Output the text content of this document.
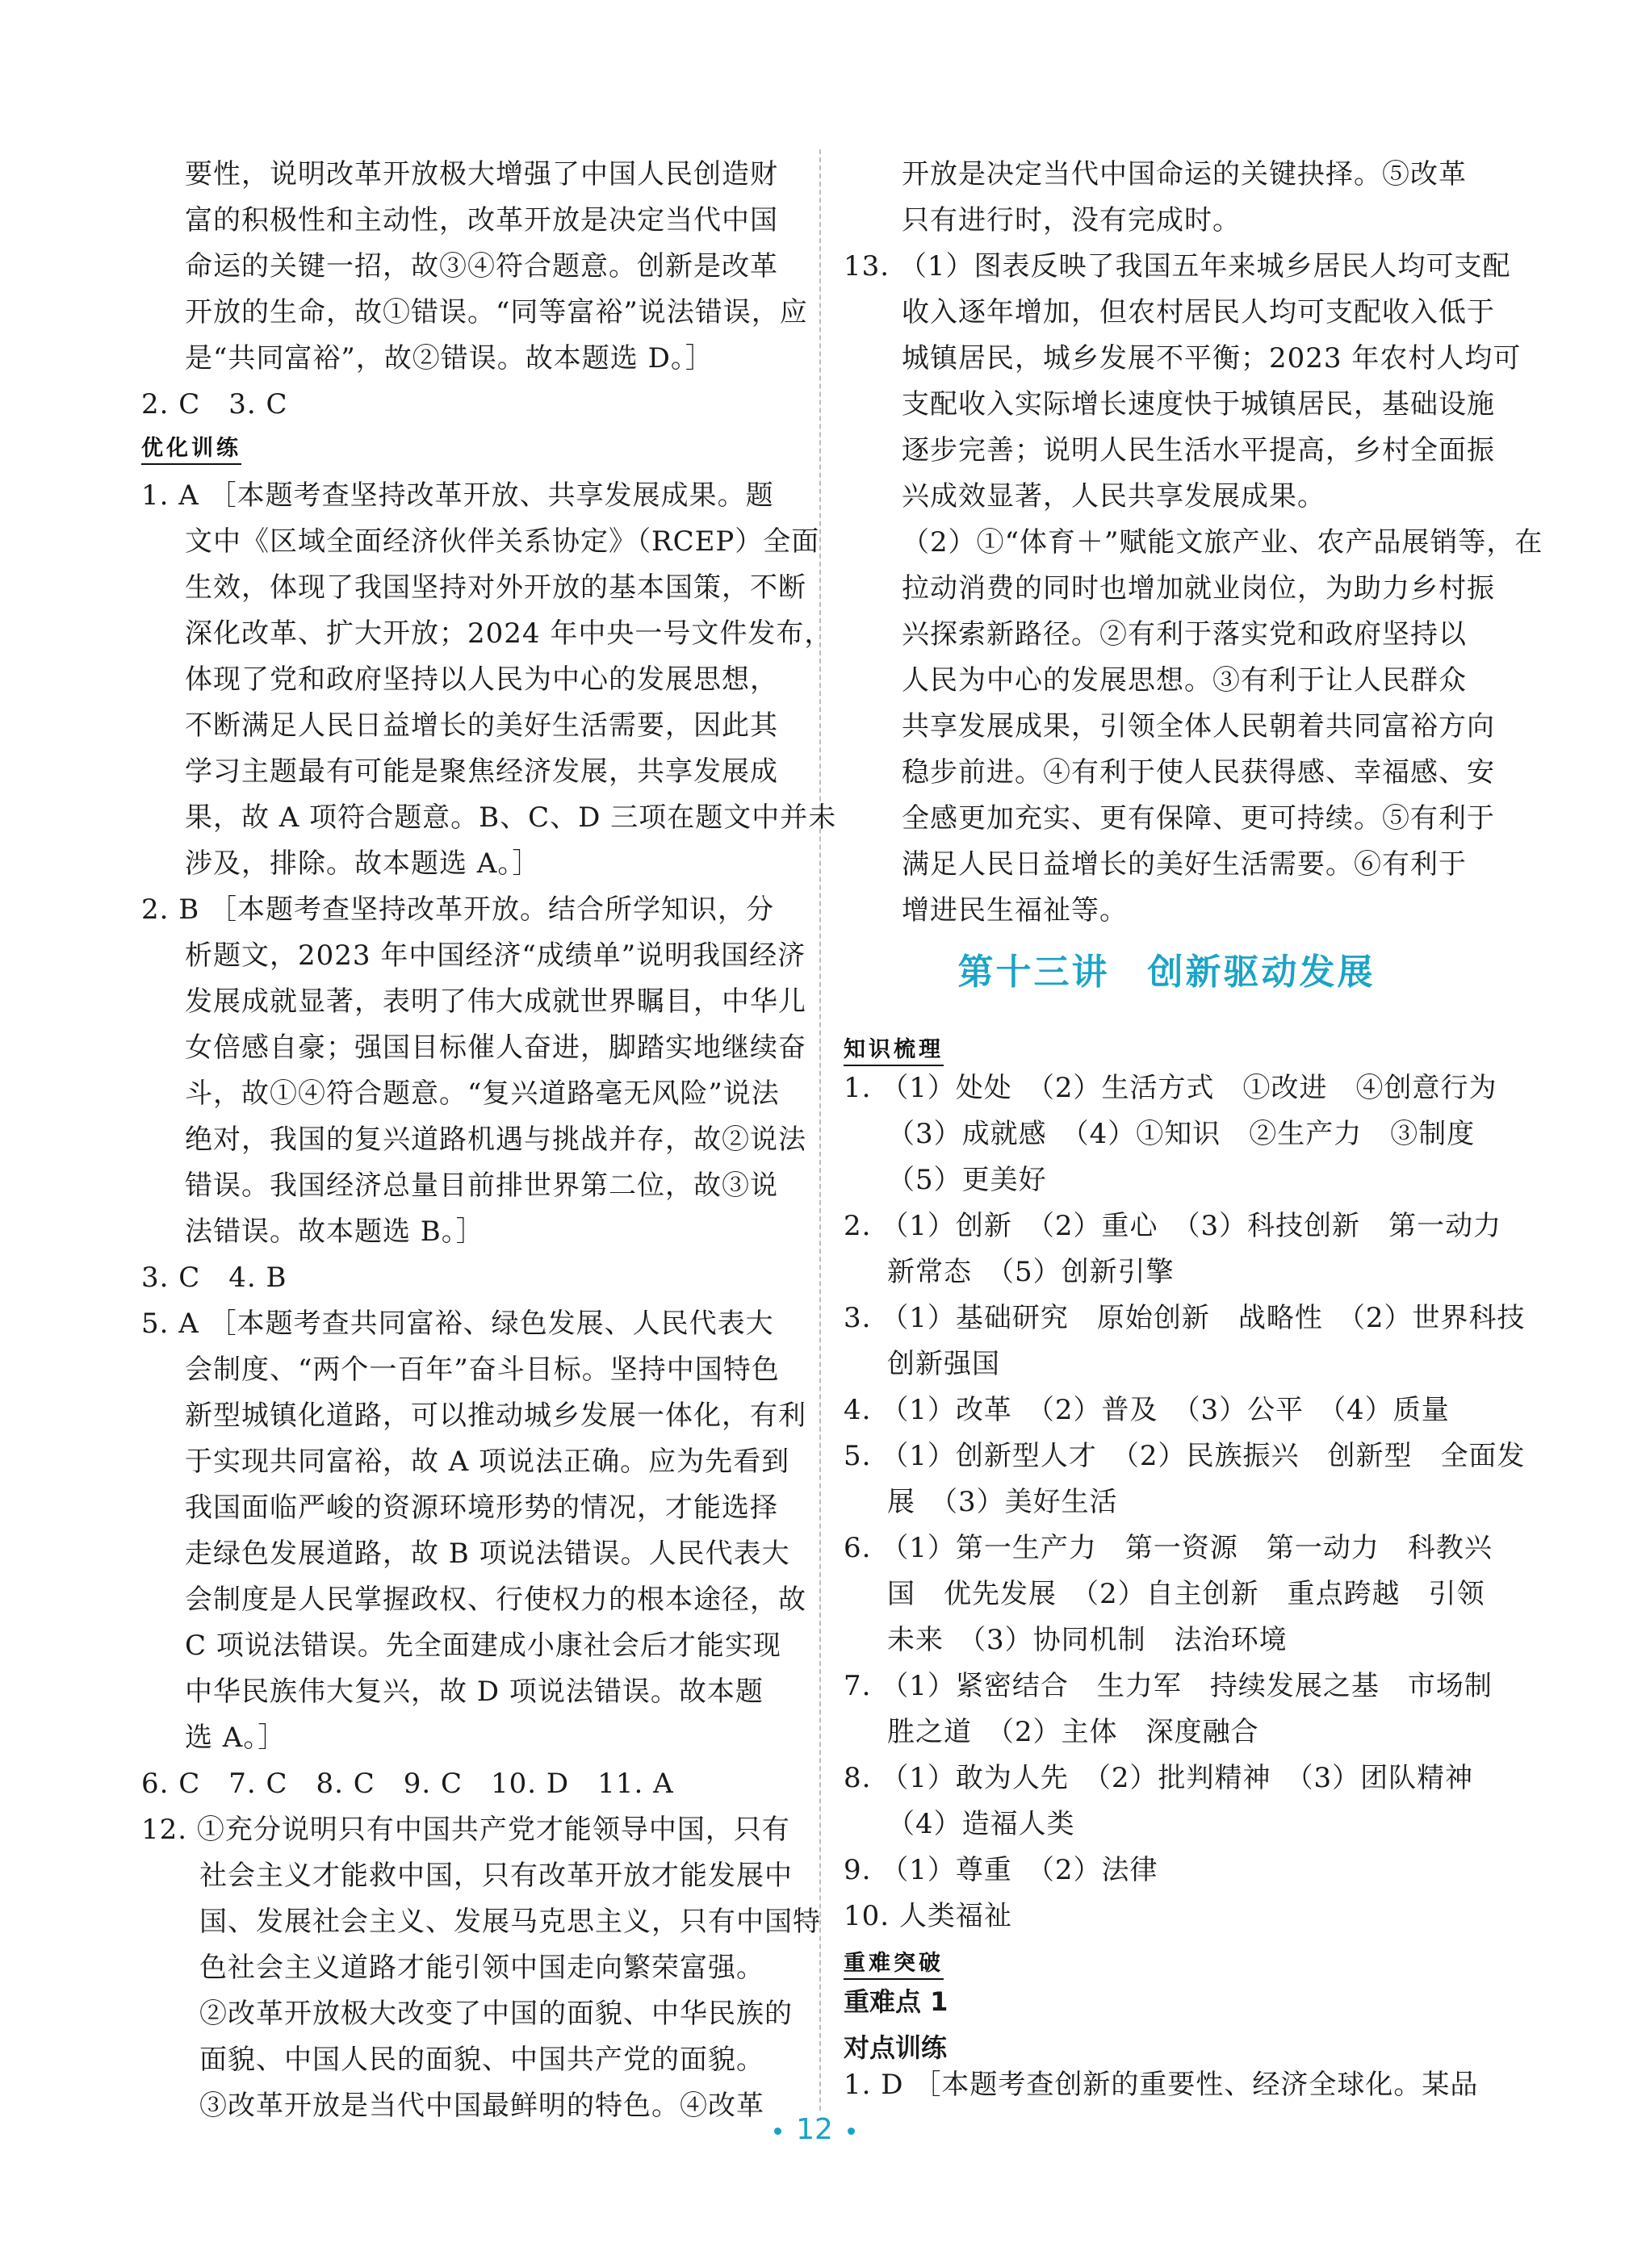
要性，说明改革开放极大增强了中国人民创造财
富的积极性和主动性，改革开放是决定当代中国
命运的关键一招，故③④符合题意。创新是改革
开放的生命，故①错误。“同等富裕”说法错误，应
是“共同富裕”，故②错误。故本题选 D。］
2. C　3. C
优化训练
1. A ［本题考查坚持改革开放、共享发展成果。题
文中《区域全面经济伙伴关系协定》（RCEP）全面
生效，体现了我国坚持对外开放的基本国策，不断
深化改革、扩大开放；2024 年中央一号文件发布，
体现了党和政府坚持以人民为中心的发展思想，
不断满足人民日益增长的美好生活需要，因此其
学习主题最有可能是聚焦经济发展，共享发展成
果，故 A 项符合题意。B、C、D 三项在题文中并未
涉及，排除。故本题选 A。］
2. B ［本题考查坚持改革开放。结合所学知识，分
析题文，2023 年中国经济“成绩单”说明我国经济
发展成就显著，表明了伟大成就世界瞩目，中华儿
女倍感自豪；强国目标催人奋进，脚踏实地继续奋
斗，故①④符合题意。“复兴道路毫无风险”说法
绝对，我国的复兴道路机遇与挑战并存，故②说法
错误。我国经济总量目前排世界第二位，故③说
法错误。故本题选 B。］
3. C　4. B
5. A ［本题考查共同富裕、绿色发展、人民代表大
会制度、“两个一百年”奋斗目标。坚持中国特色
新型城镇化道路，可以推动城乡发展一体化，有利
于实现共同富裕，故 A 项说法正确。应为先看到
我国面临严峻的资源环境形势的情况，才能选择
走绿色发展道路，故 B 项说法错误。人民代表大
会制度是人民掌握政权、行使权力的根本途径，故
C 项说法错误。先全面建成小康社会后才能实现
中华民族伟大复兴，故 D 项说法错误。故本题
选 A。］
6. C　7. C　8. C　9. C　10. D　11. A
12. ①充分说明只有中国共产党才能领导中国，只有
社会主义才能救中国，只有改革开放才能发展中
国、发展社会主义、发展马克思主义，只有中国特
色社会主义道路才能引领中国走向繁荣富强。
②改革开放极大改变了中国的面貌、中华民族的
面貌、中国人民的面貌、中国共产党的面貌。
③改革开放是当代中国最鲜明的特色。④改革
开放是决定当代中国命运的关键抉择。⑤改革
只有进行时，没有完成时。
13. （1）图表反映了我国五年来城乡居民人均可支配
收入逐年增加，但农村居民人均可支配收入低于
城镇居民，城乡发展不平衡；2023 年农村人均可
支配收入实际增长速度快于城镇居民，基础设施
逐步完善；说明人民生活水平提高，乡村全面振
兴成效显著，人民共享发展成果。
（2）①“体育＋”赋能文旅产业、农产品展销等，在
拉动消费的同时也增加就业岗位，为助力乡村振
兴探索新路径。②有利于落实党和政府坚持以
人民为中心的发展思想。③有利于让人民群众
共享发展成果，引领全体人民朝着共同富裕方向
稳步前进。④有利于使人民获得感、幸福感、安
全感更加充实、更有保障、更可持续。⑤有利于
满足人民日益增长的美好生活需要。⑥有利于
增进民生福祉等。
第十三讲　创新驱动发展
知识梳理
1. （1）处处　（2）生活方式　①改进　④创意行为
（3）成就感　（4）①知识　②生产力　③制度
（5）更美好
2. （1）创新　（2）重心　（3）科技创新　第一动力
新常态　（5）创新引擎
3. （1）基础研究　原始创新　战略性　（2）世界科技
创新强国
4. （1）改革　（2）普及　（3）公平　（4）质量
5. （1）创新型人才　（2）民族振兴　创新型　全面发
展　（3）美好生活
6. （1）第一生产力　第一资源　第一动力　科教兴
国　优先发展　（2）自主创新　重点跨越　引领
未来　（3）协同机制　法治环境
7. （1）紧密结合　生力军　持续发展之基　市场制
胜之道　（2）主体　深度融合
8. （1）敢为人先　（2）批判精神　（3）团队精神
（4）造福人类
9. （1）尊重　（2）法律
10. 人类福祉
重难突破
重难点 1
对点训练
1. D ［本题考查创新的重要性、经济全球化。某品
12
